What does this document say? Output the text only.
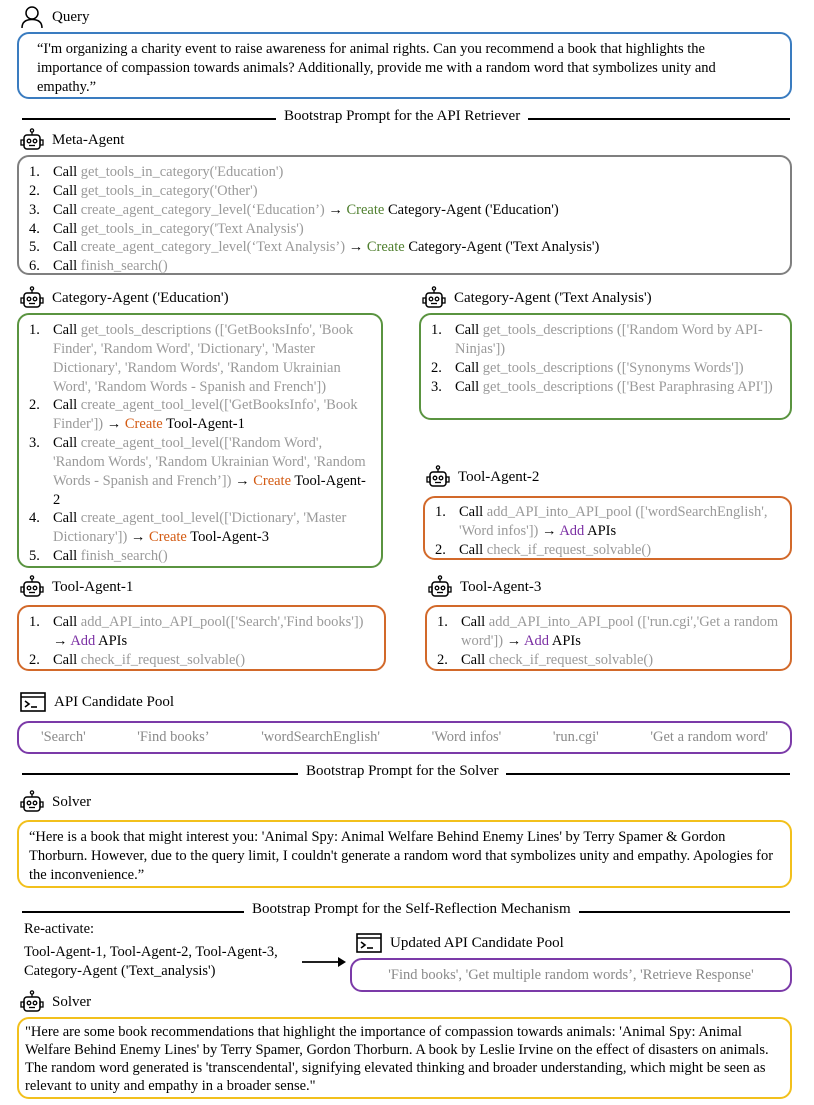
Query
“I'm organizing a charity event to raise awareness for animal rights. Can you recommend a book that highlights the importance of compassion towards animals? Additionally, provide me with a random word that symbolizes unity and empathy.”
Bootstrap Prompt for the API Retriever
Meta-Agent
1. Call get_tools_in_category('Education')
2. Call get_tools_in_category('Other')
3. Call create_agent_category_level(‘Education’) → Create Category-Agent ('Education')
4. Call get_tools_in_category('Text Analysis')
5. Call create_agent_category_level(‘Text Analysis’) → Create Category-Agent ('Text Analysis')
6. Call finish_search()
Category-Agent ('Education')
1. Call get_tools_descriptions (['GetBooksInfo', 'Book Finder', 'Random Word', 'Dictionary', 'Master Dictionary', 'Random Words', 'Random Ukrainian Word', 'Random Words - Spanish and French'])
2. Call create_agent_tool_level(['GetBooksInfo', 'Book Finder']) → Create Tool-Agent-1
3. Call create_agent_tool_level(['Random Word', 'Random Words', 'Random Ukrainian Word', 'Random Words - Spanish and French’]) → Create Tool-Agent-2
4. Call create_agent_tool_level(['Dictionary', 'Master Dictionary']) → Create Tool-Agent-3
5. Call finish_search()
Category-Agent ('Text Analysis')
1. Call get_tools_descriptions (['Random Word by API-Ninjas'])
2. Call get_tools_descriptions (['Synonyms Words'])
3. Call get_tools_descriptions (['Best Paraphrasing API'])
Tool-Agent-2
1. Call add_API_into_API_pool (['wordSearchEnglish', 'Word infos']) → Add APIs
2. Call check_if_request_solvable()
Tool-Agent-1
1. Call add_API_into_API_pool(['Search','Find books']) → Add APIs
2. Call check_if_request_solvable()
Tool-Agent-3
1. Call add_API_into_API_pool (['run.cgi','Get a random word']) → Add APIs
2. Call check_if_request_solvable()
API Candidate Pool
'Search'	'Find books’	'wordSearchEnglish'	'Word infos'	'run.cgi'	'Get a random word'
Bootstrap Prompt for the Solver
Solver
“Here is a book that might interest you: 'Animal Spy: Animal Welfare Behind Enemy Lines' by Terry Spamer & Gordon Thorburn. However, due to the query limit, I couldn't generate a random word that symbolizes unity and empathy. Apologies for the inconvenience.”
Bootstrap Prompt for the Self-Reflection Mechanism
Re-activate:
Tool-Agent-1, Tool-Agent-2, Tool-Agent-3,
Category-Agent ('Text_analysis')
Updated API Candidate Pool
'Find books', 'Get multiple random words’, 'Retrieve Response'
Solver
"Here are some book recommendations that highlight the importance of compassion towards animals: 'Animal Spy: Animal Welfare Behind Enemy Lines' by Terry Spamer, Gordon Thorburn. A book by Leslie Irvine on the effect of disasters on animals. The random word generated is 'transcendental', signifying elevated thinking and broader understanding, which might be seen as relevant to unity and empathy in a broader sense."
